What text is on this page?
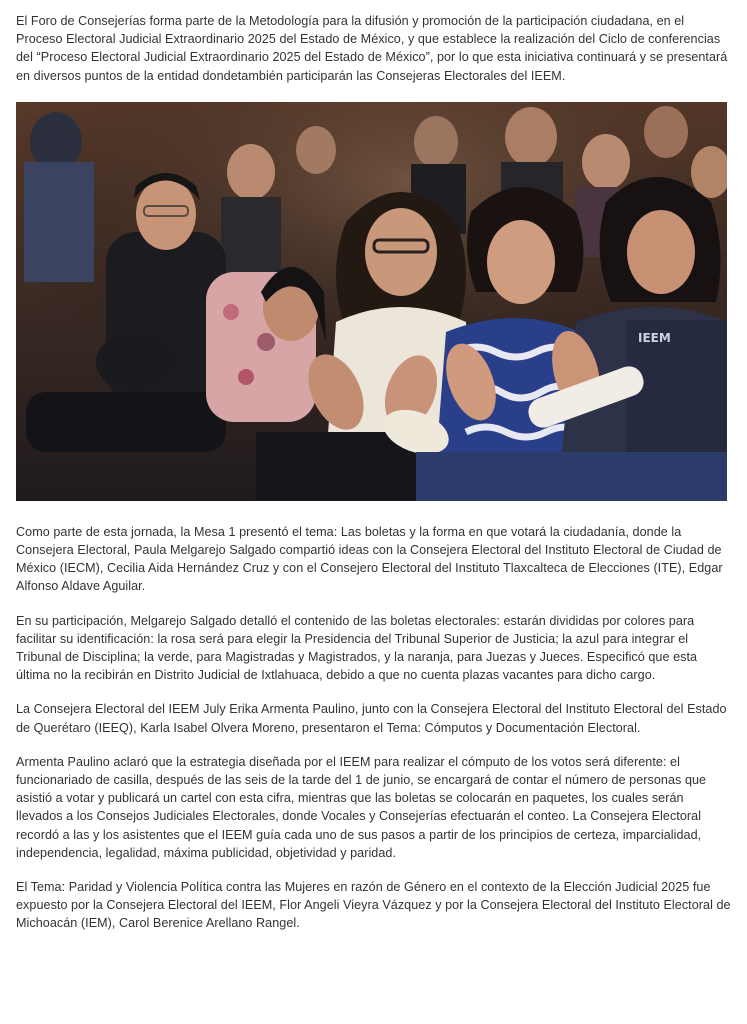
El Foro de Consejerías forma parte de la Metodología para la difusión y promoción de la participación ciudadana, en el Proceso Electoral Judicial Extraordinario 2025 del Estado de México, y que establece la realización del Ciclo de conferencias del “Proceso Electoral Judicial Extraordinario 2025 del Estado de México”, por lo que esta iniciativa continuará y se presentará en diversos puntos de la entidad dondetambién participarán las Consejeras Electorales del IEEM.

IEEM

Como parte de esta jornada, la Mesa 1 presentó el tema: Las boletas y la forma en que votará la ciudadanía, donde la Consejera Electoral, Paula Melgarejo Salgado compartió ideas con la Consejera Electoral del Instituto Electoral de Ciudad de México (IECM), Cecilia Aida Hernández Cruz y con el Consejero Electoral del Instituto Tlaxcalteca de Elecciones (ITE), Edgar Alfonso Aldave Aguilar.

En su participación, Melgarejo Salgado detalló el contenido de las boletas electorales: estarán divididas por colores para facilitar su identificación: la rosa será para elegir la Presidencia del Tribunal Superior de Justicia; la azul para integrar el Tribunal de Disciplina; la verde, para Magistradas y Magistrados, y la naranja, para Juezas y Jueces. Especificó que esta última no la recibirán en Distrito Judicial de Ixtlahuaca, debido a que no cuenta plazas vacantes para dicho cargo.

La Consejera Electoral del IEEM July Erika Armenta Paulino, junto con la Consejera Electoral del Instituto Electoral del Estado de Querétaro (IEEQ), Karla Isabel Olvera Moreno, presentaron el Tema: Cómputos y Documentación Electoral.

Armenta Paulino aclaró que la estrategia diseñada por el IEEM para realizar el cómputo de los votos será diferente: el funcionariado de casilla, después de las seis de la tarde del 1 de junio, se encargará de contar el número de personas que asistió a votar y publicará un cartel con esta cifra, mientras que las boletas se colocarán en paquetes, los cuales serán llevados a los Consejos Judiciales Electorales, donde Vocales y Consejerías efectuarán el conteo. La Consejera Electoral recordó a las y los asistentes que el IEEM guía cada uno de sus pasos a partir de los principios de certeza, imparcialidad, independencia, legalidad, máxima publicidad, objetividad y paridad.

El Tema: Paridad y Violencia Política contra las Mujeres en razón de Género en el contexto de la Elección Judicial 2025 fue expuesto por la Consejera Electoral del IEEM, Flor Angeli Vieyra Vázquez y por la Consejera Electoral del Instituto Electoral de Michoacán (IEM), Carol Berenice Arellano Rangel.
